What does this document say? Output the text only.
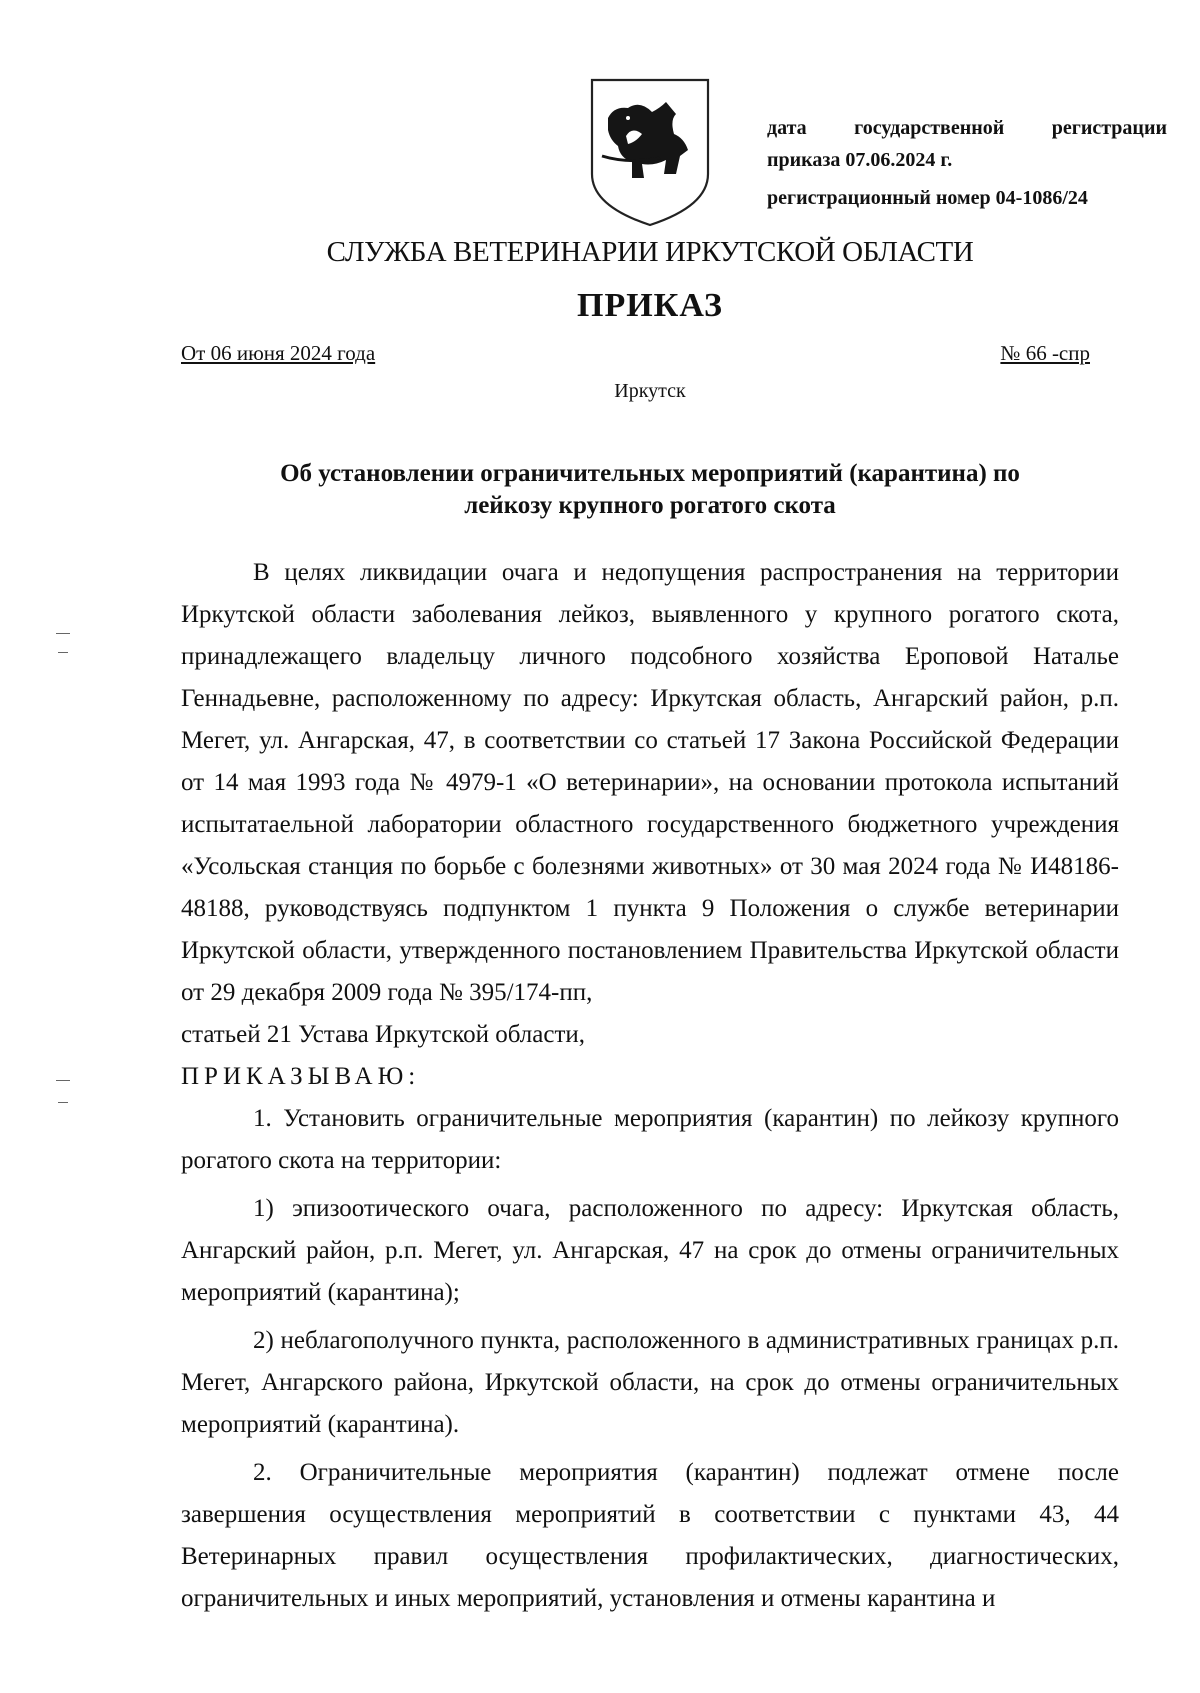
дата государственной регистрации
приказа 07.06.2024 г.
регистрационный номер 04-1086/24
СЛУЖБА ВЕТЕРИНАРИИ ИРКУТСКОЙ ОБЛАСТИ
ПРИКАЗ
От 06 июня 2024 года	№ 66 -спр
Иркутск
Об установлении ограничительных мероприятий (карантина) по
лейкозу крупного рогатого скота

В целях ликвидации очага и недопущения распространения на территории Иркутской области заболевания лейкоз, выявленного у крупного рогатого скота, принадлежащего владельцу личного подсобного хозяйства Ероповой Наталье Геннадьевне, расположенному по адресу: Иркутская область, Ангарский район, р.п. Мегет, ул. Ангарская, 47, в соответствии со статьей 17 Закона Российской Федерации от 14 мая 1993 года № 4979-1 «О ветеринарии», на основании протокола испытаний испытатаельной лаборатории областного государственного бюджетного учреждения «Усольская станция по борьбе с болезнями животных» от 30 мая 2024 года № И48186-48188, руководствуясь подпунктом 1 пункта 9 Положения о службе ветеринарии Иркутской области, утвержденного постановлением Правительства Иркутской области от 29 декабря 2009 года № 395/174-пп,

статьей 21 Устава Иркутской области,

ПРИКАЗЫВАЮ:

1. Установить ограничительные мероприятия (карантин) по лейкозу крупного рогатого скота на территории:

1) эпизоотического очага, расположенного по адресу: Иркутская область, Ангарский район, р.п. Мегет, ул. Ангарская, 47 на срок до отмены ограничительных мероприятий (карантина);

2) неблагополучного пункта, расположенного в административных границах р.п. Мегет, Ангарского района, Иркутской области, на срок до отмены ограничительных мероприятий (карантина).

2. Ограничительные мероприятия (карантин) подлежат отмене после завершения осуществления мероприятий в соответствии с пунктами 43, 44 Ветеринарных правил осуществления профилактических, диагностических, ограничительных и иных мероприятий, установления и отмены карантина и
